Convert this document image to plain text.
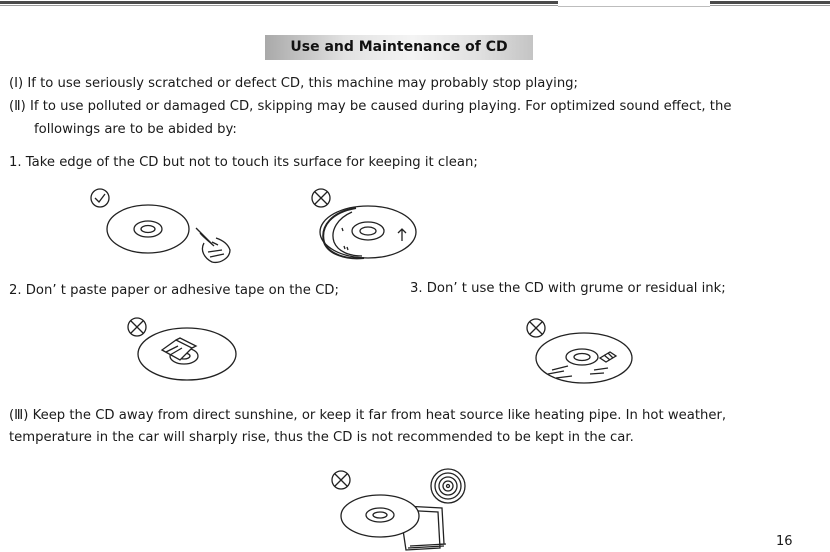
Use and Maintenance of CD
(Ⅰ) If to use seriously scratched or defect CD, this machine may probably stop playing;
(Ⅱ) If to use polluted or damaged CD, skipping may be caused during playing. For optimized sound effect, the
followings are to be abided by:
1. Take edge of the CD but not to touch its surface for keeping it clean;
2. Don’ t paste paper or adhesive tape on the CD;	3. Don’ t use the CD with grume or residual ink;
(Ⅲ) Keep the CD away from direct sunshine, or keep it far from heat source like heating pipe. In hot weather,
temperature in the car will sharply rise, thus the CD is not recommended to be kept in the car.
16
